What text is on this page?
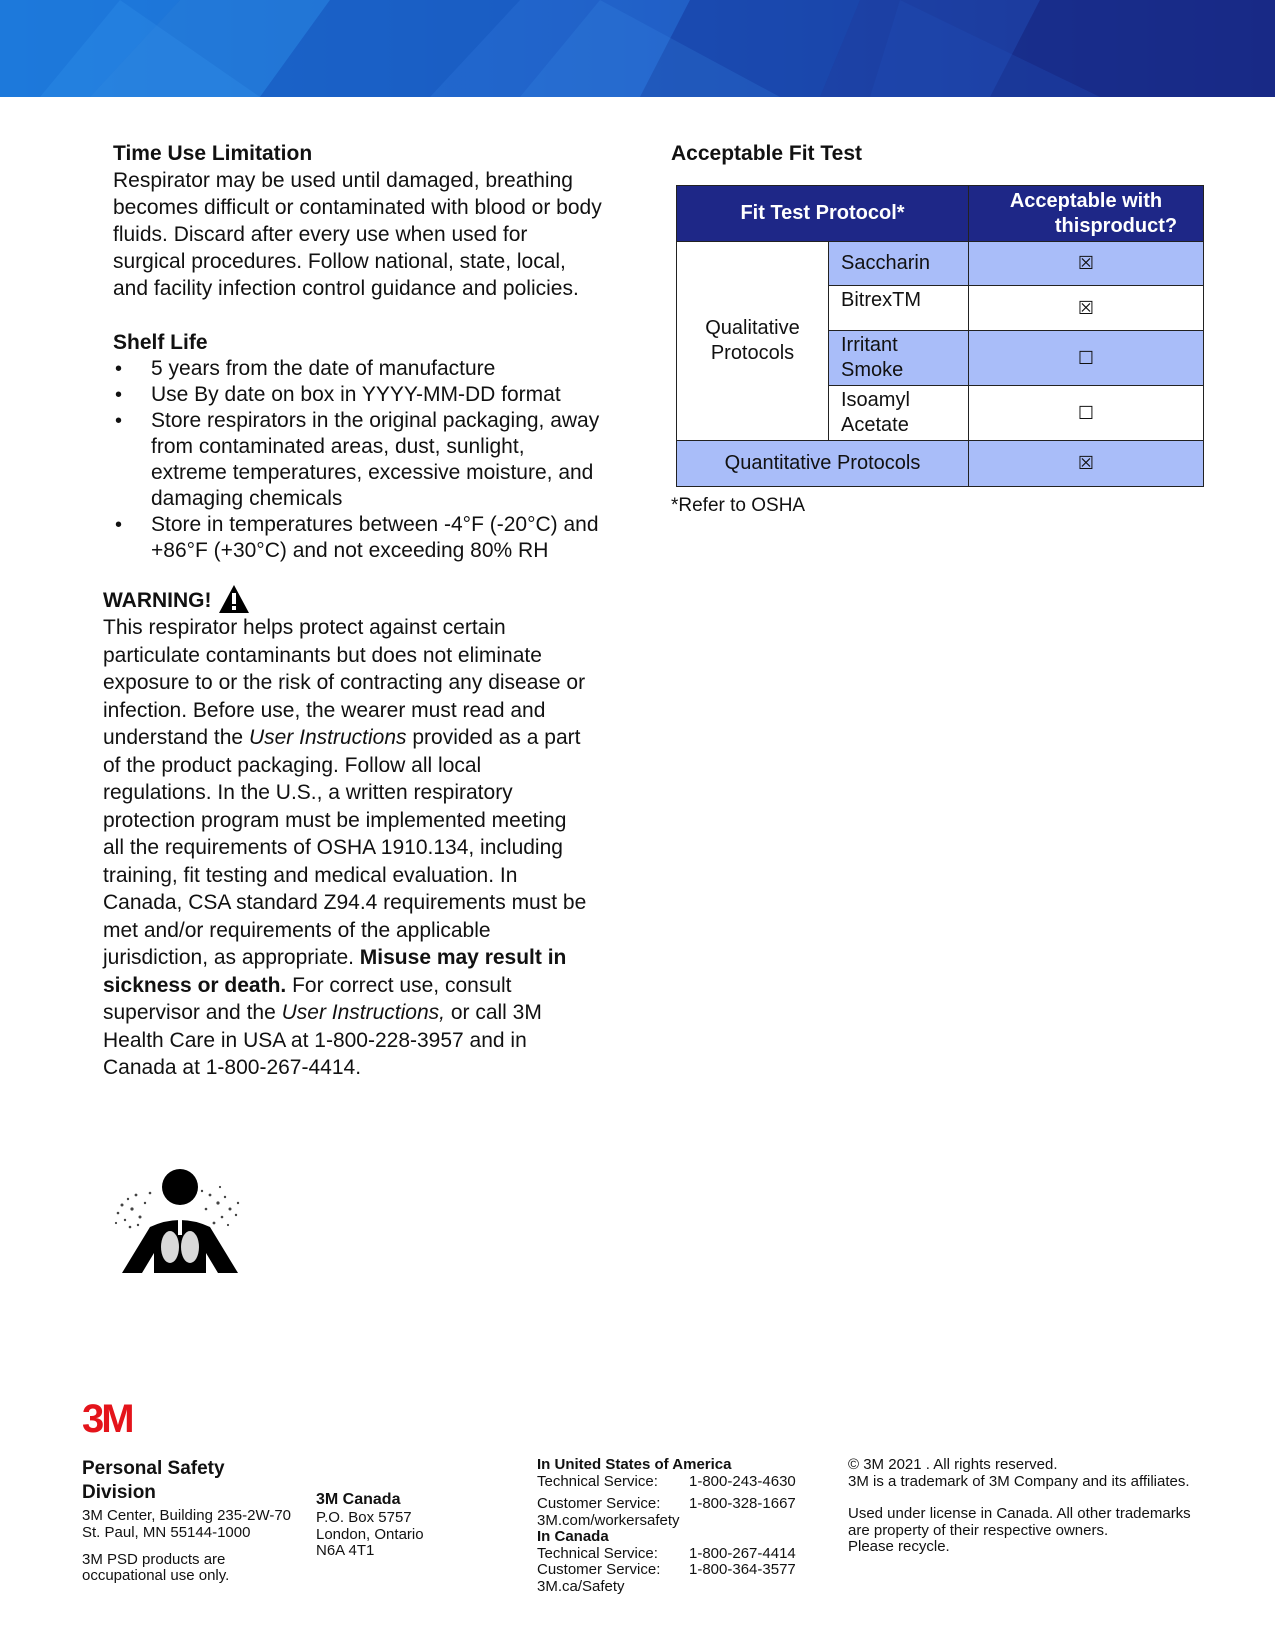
Time Use Limitation
Respirator may be used until damaged, breathing becomes difficult or contaminated with blood or body fluids. Discard after every use when used for surgical procedures. Follow national, state, local, and facility infection control guidance and policies.
Shelf Life
• 5 years from the date of manufacture
• Use By date on box in YYYY-MM-DD format
• Store respirators in the original packaging, away from contaminated areas, dust, sunlight, extreme temperatures, excessive moisture, and damaging chemicals
• Store in temperatures between -4°F (-20°C) and +86°F (+30°C) and not exceeding 80% RH
WARNING!
This respirator helps protect against certain particulate contaminants but does not eliminate exposure to or the risk of contracting any disease or infection. Before use, the wearer must read and understand the User Instructions provided as a part of the product packaging. Follow all local regulations. In the U.S., a written respiratory protection program must be implemented meeting all the requirements of OSHA 1910.134, including training, fit testing and medical evaluation. In Canada, CSA standard Z94.4 requirements must be met and/or requirements of the applicable jurisdiction, as appropriate. Misuse may result in sickness or death. For correct use, consult supervisor and the User Instructions, or call 3M Health Care in USA at 1-800-228-3957 and in Canada at 1-800-267-4414.
Acceptable Fit Test
Fit Test Protocol*		Acceptable with
thisproduct?

Qualitative
Protocols	Saccharin	☒

	BitrexTM	☒

	Irritant
Smoke	☐

	Isoamyl
Acetate	☐
Quantitative Protocols		☒
*Refer to OSHA
3M
Personal Safety Division
3M Center, Building 235-2W-70
St. Paul, MN 55144-1000
3M PSD products are
occupational use only.
3M Canada
P.O. Box 5757
London, Ontario
N6A 4T1
In United States of America
Technical Service:	1-800-243-4630
Customer Service:	1-800-328-1667
3M.com/workersafety
In Canada
Technical Service:	1-800-267-4414
Customer Service:	1-800-364-3577
3M.ca/Safety
© 3M 2021 . All rights reserved.
3M is a trademark of 3M Company and its affiliates.
Used under license in Canada. All other trademarks
are property of their respective owners.
Please recycle.
